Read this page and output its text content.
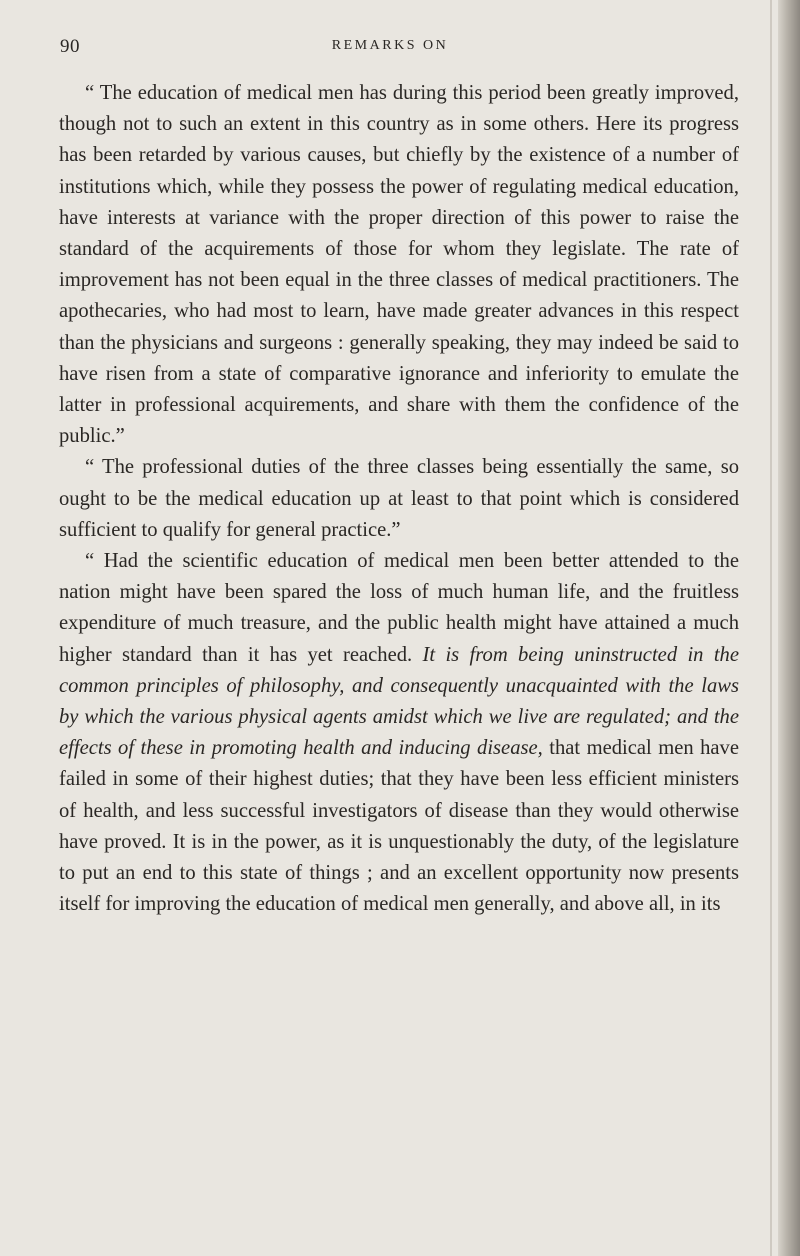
90	REMARKS ON

“ The education of medical men has during this period been greatly improved, though not to such an extent in this country as in some others. Here its progress has been retarded by various causes, but chiefly by the existence of a number of institutions which, while they possess the power of regulating medical education, have interests at variance with the proper direction of this power to raise the standard of the acquirements of those for whom they legislate. The rate of improvement has not been equal in the three classes of medical practitioners. The apothecaries, who had most to learn, have made greater advances in this respect than the physicians and surgeons : generally speaking, they may indeed be said to have risen from a state of comparative ignorance and inferiority to emulate the latter in professional acquirements, and share with them the confidence of the public.”

“ The professional duties of the three classes being essentially the same, so ought to be the medical education up at least to that point which is considered sufficient to qualify for general practice.”

“ Had the scientific education of medical men been better attended to the nation might have been spared the loss of much human life, and the fruitless expenditure of much treasure, and the public health might have attained a much higher standard than it has yet reached. It is from being uninstructed in the common principles of philosophy, and consequently unacquainted with the laws by which the various physical agents amidst which we live are regulated; and the effects of these in promoting health and inducing disease, that medical men have failed in some of their highest duties; that they have been less efficient ministers of health, and less successful investigators of disease than they would otherwise have proved. It is in the power, as it is unquestionably the duty, of the legislature to put an end to this state of things ; and an excellent opportunity now presents itself for improving the education of medical men generally, and above all, in its
